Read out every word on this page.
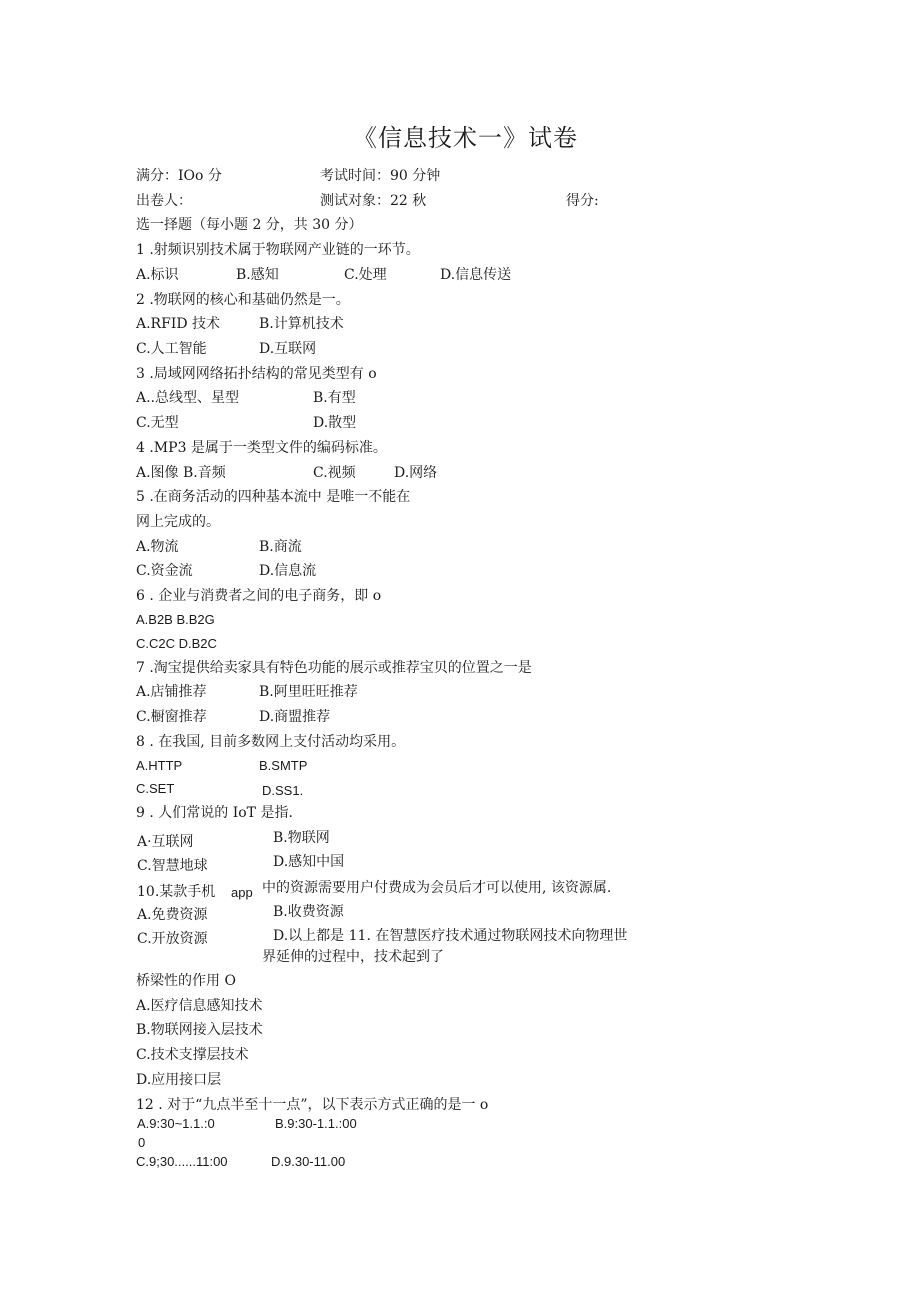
《信息技术一》试卷
满分：IOo 分	考试时间：90 分钟
出卷人：	测试对象：22 秋	得分:
选一择题（每小题 2 分，共 30 分）
1 .射频识别技术属于物联网产业链的一环节。
A.标识	B.感知	C.处理	D.信息传送
2 .物联网的核心和基础仍然是一。
A.RFID 技术	B.计算机技术
C.人工智能	D.互联网
3 .局域网网络拓扑结构的常见类型有 o
A..总线型、星型	B.有型
C.无型	D.散型
4 .MP3 是属于一类型文件的编码标准。
A.图像 B.音频	C.视频	D.网络
5 .在商务活动的四种基本流中 是唯一不能在
网上完成的。
A.物流	B.商流
C.资金流	D.信息流
6 . 企业与消费者之间的电子商务，即 o
A.B2B B.B2G
C.C2C D.B2C
7 .淘宝提供给卖家具有特色功能的展示或推荐宝贝的位置之一是
A.店铺推荐	B.阿里旺旺推荐
C.橱窗推荐	D.商盟推荐
8 . 在我国, 目前多数网上支付活动均采用。
A.HTTP	B.SMTP
C.SET	D.SS1.
9 . 人们常说的 IoT 是指.
A·互联网	B.物联网
C.智慧地球	D.感知中国
10.某款手机 app 中的资源需要用户付费成为会员后才可以使用, 该资源属.
A.免费资源	B.收费资源
C.开放资源	D.以上都是 11. 在智慧医疗技术通过物联网技术向物理世
界延伸的过程中，技术起到了
桥梁性的作用 O
A.医疗信息感知技术
B.物联网接入层技术
C.技术支撑层技术
D.应用接口层
12 . 对于“九点半至十一点”，以下表示方式正确的是一 o
A.9:30~1.1.:0	B.9:30-1.1.:00
0
C.9;30......11:00	D.9.30-11.00
